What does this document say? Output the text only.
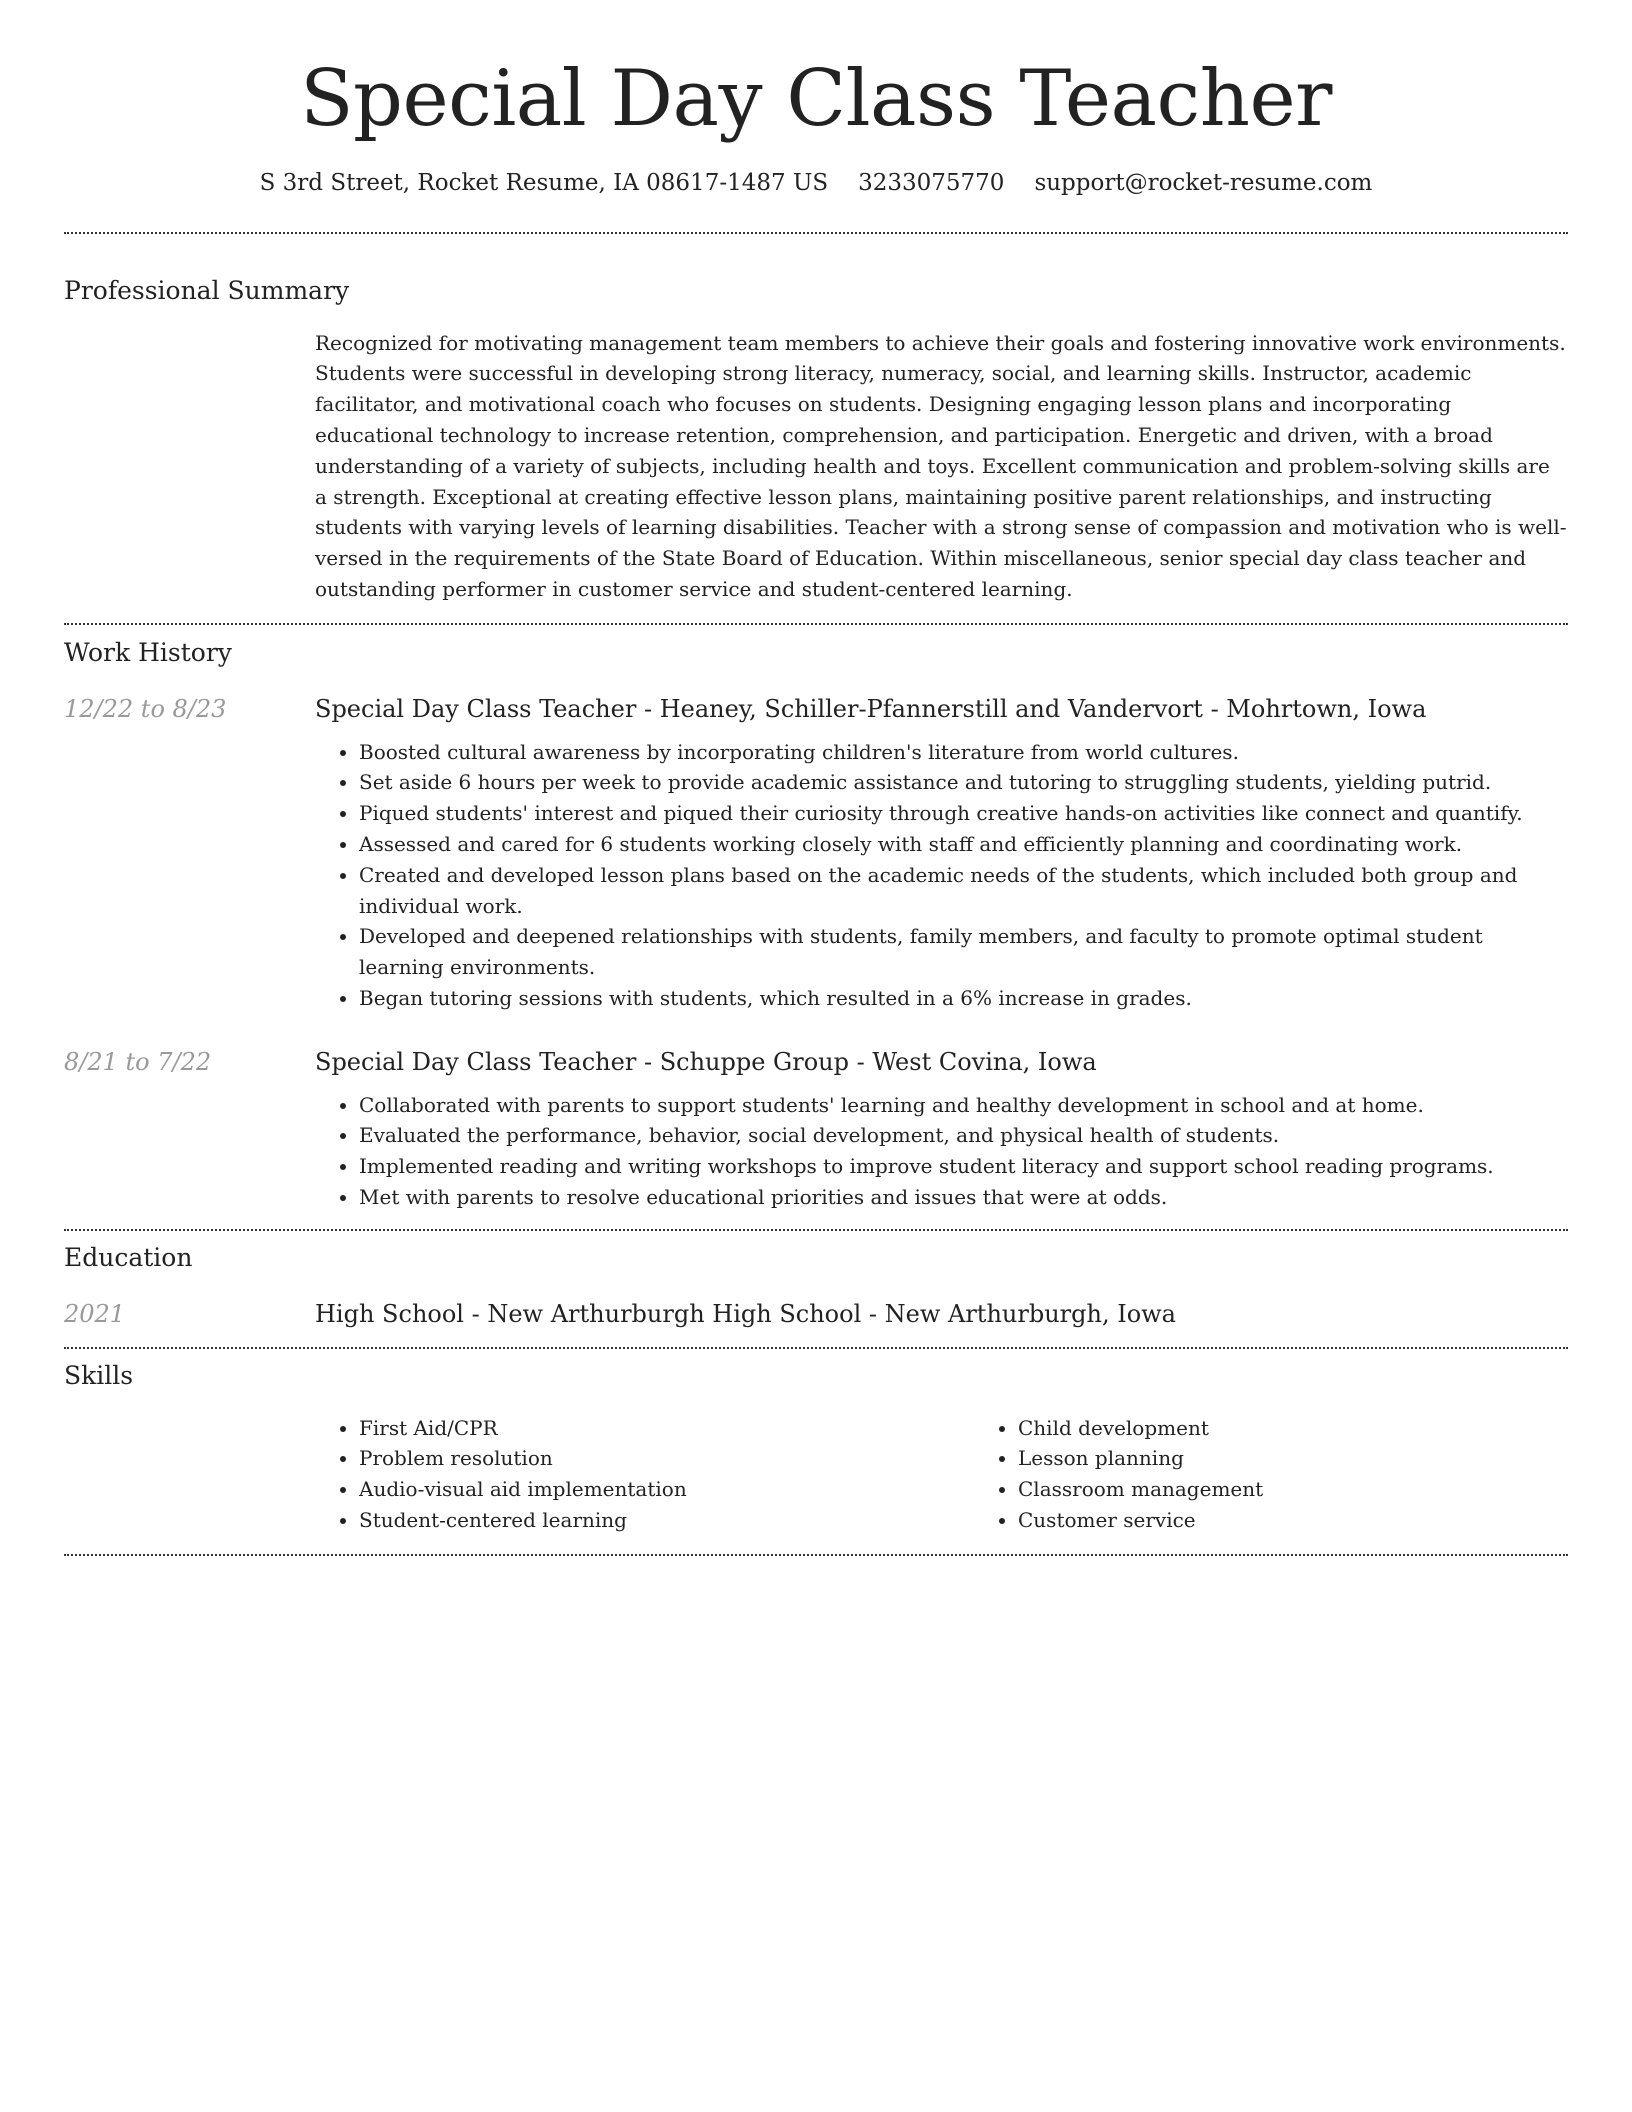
Special Day Class Teacher
S 3rd Street, Rocket Resume, IA 08617-1487 US 3233075770 support@rocket-resume.com
Professional Summary
Recognized for motivating management team members to achieve their goals and fostering innovative work environments. Students were successful in developing strong literacy, numeracy, social, and learning skills. Instructor, academic facilitator, and motivational coach who focuses on students. Designing engaging lesson plans and incorporating educational technology to increase retention, comprehension, and participation. Energetic and driven, with a broad understanding of a variety of subjects, including health and toys. Excellent communication and problem-solving skills are a strength. Exceptional at creating effective lesson plans, maintaining positive parent relationships, and instructing students with varying levels of learning disabilities. Teacher with a strong sense of compassion and motivation who is well-versed in the requirements of the State Board of Education. Within miscellaneous, senior special day class teacher and outstanding performer in customer service and student-centered learning.
Work History
12/22 to 8/23	Special Day Class Teacher - Heaney, Schiller-Pfannerstill and Vandervort - Mohrtown, Iowa
• Boosted cultural awareness by incorporating children's literature from world cultures.
• Set aside 6 hours per week to provide academic assistance and tutoring to struggling students, yielding putrid.
• Piqued students' interest and piqued their curiosity through creative hands-on activities like connect and quantify.
• Assessed and cared for 6 students working closely with staff and efficiently planning and coordinating work.
• Created and developed lesson plans based on the academic needs of the students, which included both group and individual work.
• Developed and deepened relationships with students, family members, and faculty to promote optimal student learning environments.
• Began tutoring sessions with students, which resulted in a 6% increase in grades.
8/21 to 7/22	Special Day Class Teacher - Schuppe Group - West Covina, Iowa
• Collaborated with parents to support students' learning and healthy development in school and at home.
• Evaluated the performance, behavior, social development, and physical health of students.
• Implemented reading and writing workshops to improve student literacy and support school reading programs.
• Met with parents to resolve educational priorities and issues that were at odds.
Education
2021	High School - New Arthurburgh High School - New Arthurburgh, Iowa
Skills
• First Aid/CPR
• Problem resolution
• Audio-visual aid implementation
• Student-centered learning
• Child development
• Lesson planning
• Classroom management
• Customer service
